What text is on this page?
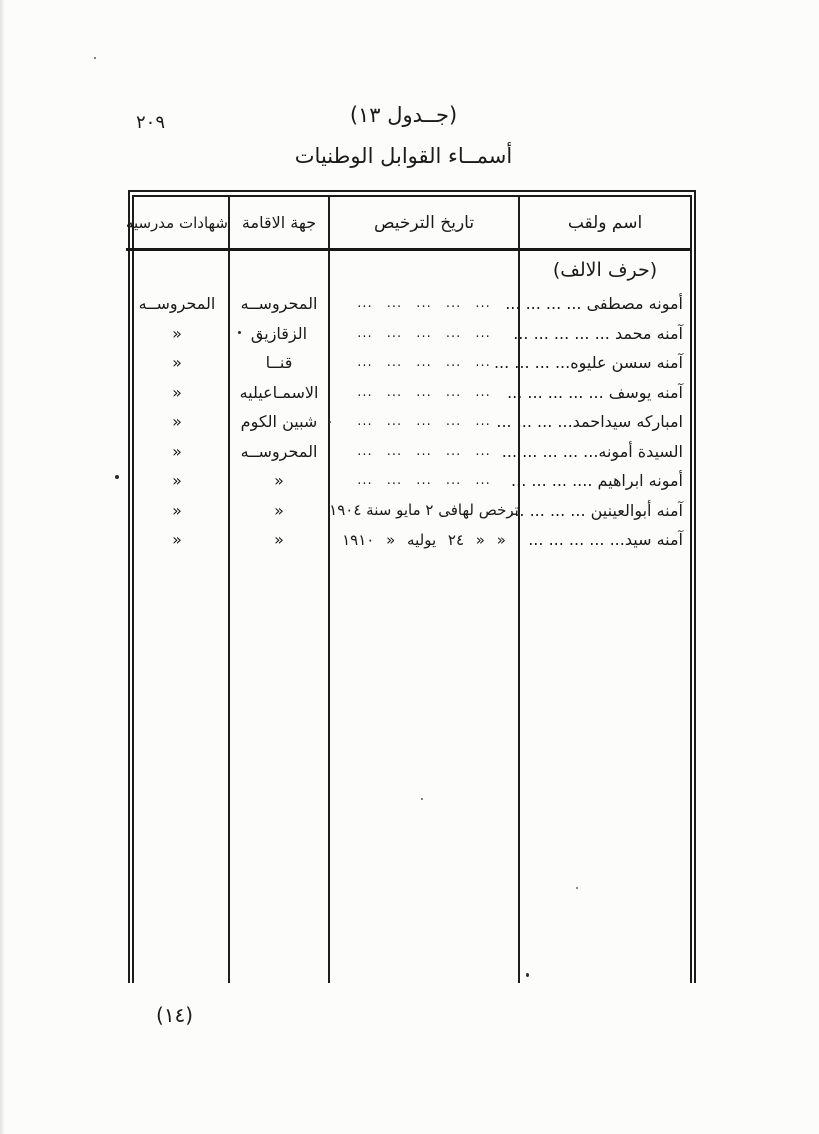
٢٠٩	(جــدول ١٣)
أسمــاء القوابل الوطنيات
اسم ولقب
تاريخ الترخيص
جهة الاقامة
شهادات مدرسيه
(حرف الالف)
أمونه مصطفى ... ... ... ...
... ... ... ... ...
المحروســه
المحروســه
آمنه محمد ... ... ... ... ...
... ... ... ... ...
الزقازيق
«
آمنه سسن عليوه... ... ... ...
... ... ... ... ...
قنــا
«
آمنه يوسف ... ... ... ... ...
... ... ... ... ...
الاسمـاعيليه
«
امباركه سيداحمد... ... ... ...
... ... ... ... ...
شبين الكوم
«
السيدة أمونه... ... ... ... ...
... ... ... ... ...
المحروســه
«
أمونه ابراهيم .... ... ... ...
... ... ... ... ...
«
«
آمنه أبوالعينين ... ... ... ...
ترخص لهافى ٢ مايو سنة ١٩٠٤
«
«
آمنه سيد... ... ... ... ...
« « ٢٤ يوليه « ١٩١٠
«
«
(١٤)
